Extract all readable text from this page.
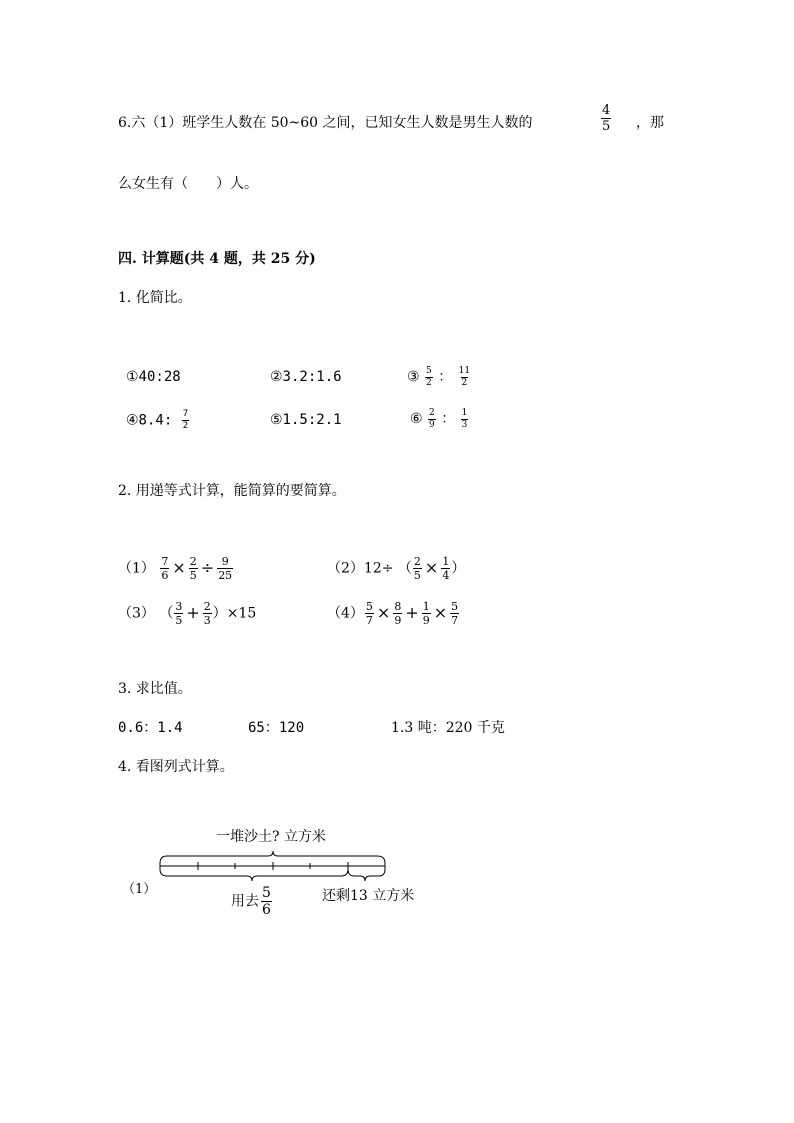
6.六（1）班学生人数在 50~60 之间，已知女生人数是男生人数的	$\frac{4}{5}$ ，那
么女生有（　　）人。
四. 计算题(共 4 题，共 25 分)
1. 化简比。
①40:28	②3.2:1.6	③ $\frac{5}{2}$ ： $\frac{11}{2}$
④8.4: $\frac{7}{2}$	⑤1.5:2.1	⑥ $\frac{2}{9}$ ： $\frac{1}{3}$
2. 用递等式计算，能简算的要简算。
$(1) \frac{7}{6} \times \frac{2}{5} \div \frac{9}{25}$	（2）12÷ （ $\frac{2}{5} \times \frac{1}{4}$ ）
（3） （ $\frac{3}{5} + \frac{2}{3} )\times 15$	$(4) \frac{5}{7} \times \frac{8}{9} + \frac{1}{9} \times \frac{5}{7}$
3. 求比值。
0.6：1.4	65：120	1.3 吨：220 千克
4. 看图列式计算。
一堆沙土? 立方米
（1）
用去 $\frac{5}{6}$	还剩13 立方米
